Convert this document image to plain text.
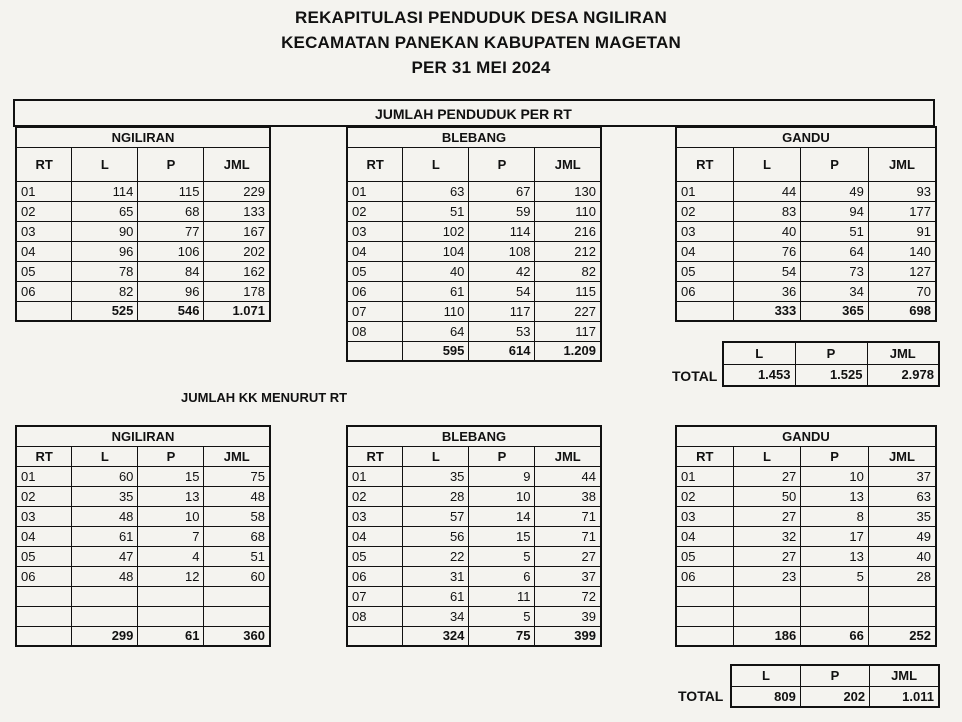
REKAPITULASI PENDUDUK DESA NGILIRAN
KECAMATAN PANEKAN KABUPATEN MAGETAN
PER 31 MEI 2024
JUMLAH PENDUDUK PER RT
NGILIRAN			
RT	L	P	JML
01	114	115	229
02	65	68	133
03	90	77	167
04	96	106	202
05	78	84	162
06	82	96	178
	525	546	1.071
BLEBANG			
RT	L	P	JML
01	63	67	130
02	51	59	110
03	102	114	216
04	104	108	212
05	40	42	82
06	61	54	115
07	110	117	227
08	64	53	117
	595	614	1.209
GANDU			
RT	L	P	JML
01	44	49	93
02	83	94	177
03	40	51	91
04	76	64	140
05	54	73	127
06	36	34	70
	333	365	698
TOTAL
L	P	JML
1.453	1.525	2.978
JUMLAH KK MENURUT RT
NGILIRAN			
RT	L	P	JML
01	60	15	75
02	35	13	48
03	48	10	58
04	61	7	68
05	47	4	51
06	48	12	60

	299	61	360
BLEBANG			
RT	L	P	JML
01	35	9	44
02	28	10	38
03	57	14	71
04	56	15	71
05	22	5	27
06	31	6	37
07	61	11	72
08	34	5	39
	324	75	399
GANDU			
RT	L	P	JML
01	27	10	37
02	50	13	63
03	27	8	35
04	32	17	49
05	27	13	40
06	23	5	28

	186	66	252
TOTAL
L	P	JML
809	202	1.011
